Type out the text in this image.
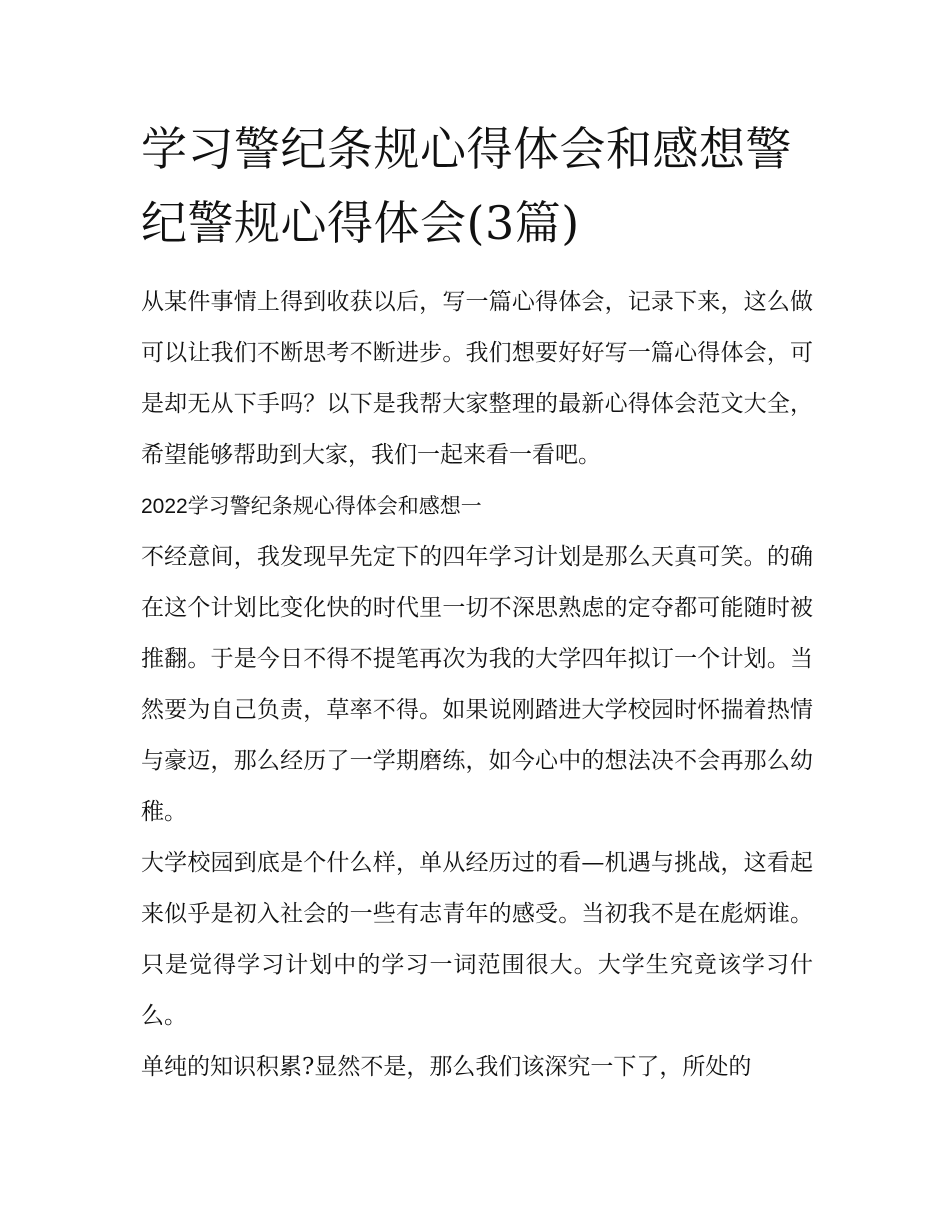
学习警纪条规心得体会和感想警纪警规心得体会(3篇)

从某件事情上得到收获以后，写一篇心得体会，记录下来，这么做可以让我们不断思考不断进步。我们想要好好写一篇心得体会，可是却无从下手吗？以下是我帮大家整理的最新心得体会范文大全，希望能够帮助到大家，我们一起来看一看吧。

2022学习警纪条规心得体会和感想一

不经意间，我发现早先定下的四年学习计划是那么天真可笑。的确在这个计划比变化快的时代里一切不深思熟虑的定夺都可能随时被推翻。于是今日不得不提笔再次为我的大学四年拟订一个计划。当然要为自己负责，草率不得。如果说刚踏进大学校园时怀揣着热情与豪迈，那么经历了一学期磨练，如今心中的想法决不会再那么幼稚。

大学校园到底是个什么样，单从经历过的看—机遇与挑战，这看起来似乎是初入社会的一些有志青年的感受。当初我不是在彪炳谁。只是觉得学习计划中的学习一词范围很大。大学生究竟该学习什么。

单纯的知识积累?显然不是，那么我们该深究一下了，所处的
